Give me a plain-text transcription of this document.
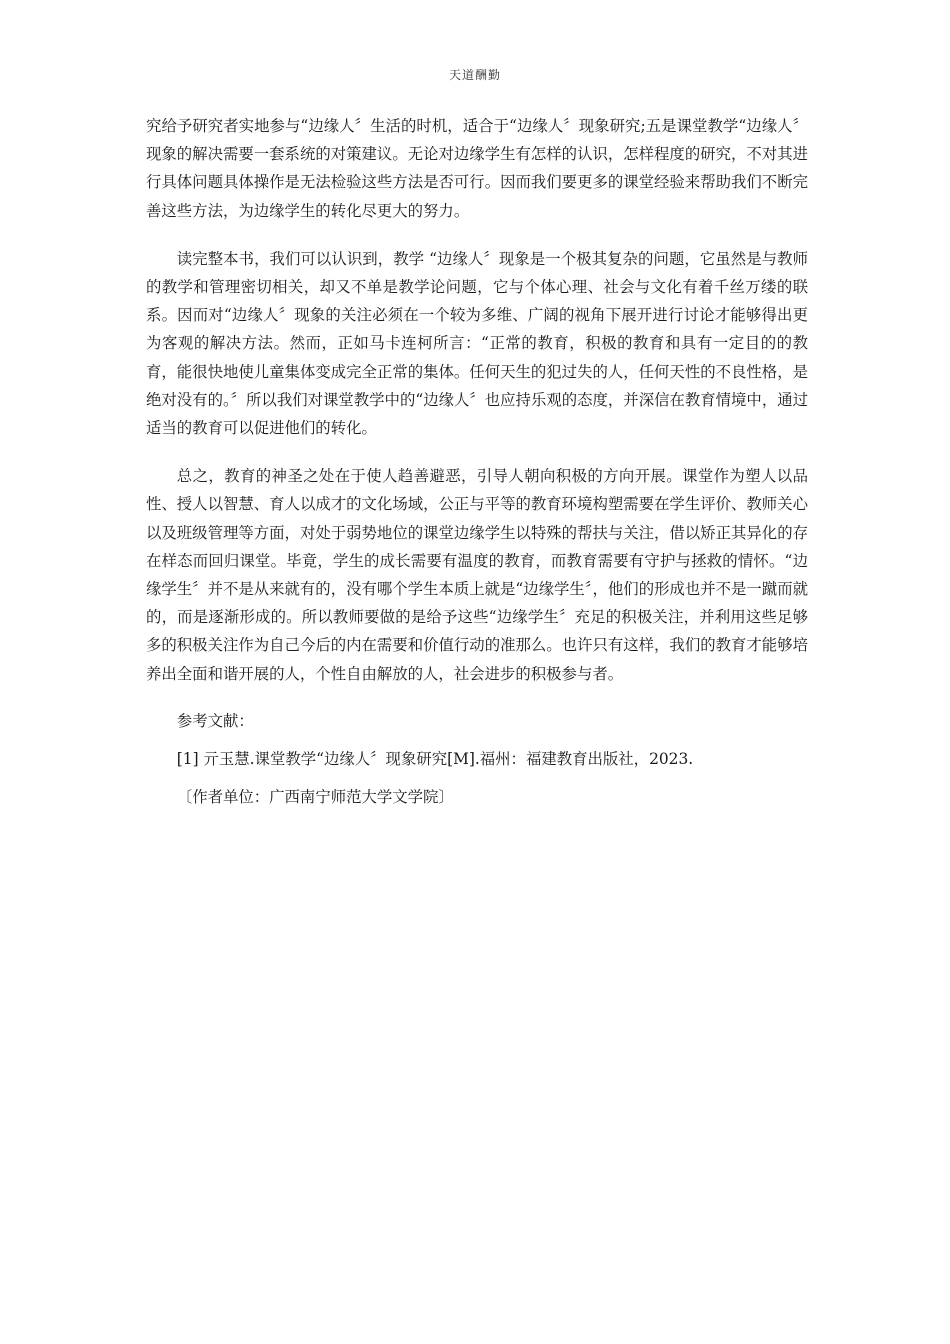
天道酬勤

究给予研究者实地参与“边缘人〞生活的时机，适合于“边缘人〞现象研究;五是课堂教学“边缘人〞现象的解决需要一套系统的对策建议。无论对边缘学生有怎样的认识，怎样程度的研究，不对其进行具体问题具体操作是无法检验这些方法是否可行。因而我们要更多的课堂经验来帮助我们不断完善这些方法，为边缘学生的转化尽更大的努力。

读完整本书，我们可以认识到，教学 “边缘人〞现象是一个极其复杂的问题，它虽然是与教师的教学和管理密切相关，却又不单是教学论问题，它与个体心理、社会与文化有着千丝万缕的联系。因而对“边缘人〞现象的关注必须在一个较为多维、广阔的视角下展开进行讨论才能够得出更为客观的解决方法。然而，正如马卡连柯所言：“正常的教育，积极的教育和具有一定目的的教育，能很快地使儿童集体变成完全正常的集体。任何天生的犯过失的人，任何天性的不良性格，是绝对没有的。〞所以我们对课堂教学中的“边缘人〞也应持乐观的态度，并深信在教育情境中，通过适当的教育可以促进他们的转化。

总之，教育的神圣之处在于使人趋善避恶，引导人朝向积极的方向开展。课堂作为塑人以品性、授人以智慧、育人以成才的文化场域，公正与平等的教育环境构塑需要在学生评价、教师关心以及班级管理等方面，对处于弱势地位的课堂边缘学生以特殊的帮扶与关注，借以矫正其异化的存在样态而回归课堂。毕竟，学生的成长需要有温度的教育，而教育需要有守护与拯救的情怀。“边缘学生〞并不是从来就有的，没有哪个学生本质上就是“边缘学生〞，他们的形成也并不是一蹴而就的，而是逐渐形成的。所以教师要做的是给予这些“边缘学生〞充足的积极关注，并利用这些足够多的积极关注作为自己今后的内在需要和价值行动的准那么。也许只有这样，我们的教育才能够培养出全面和谐开展的人，个性自由解放的人，社会进步的积极参与者。

参考文献：

[1] 亓玉慧.课堂教学“边缘人〞现象研究[M].福州：福建教育出版社，2023.

〔作者单位：广西南宁师范大学文学院〕
